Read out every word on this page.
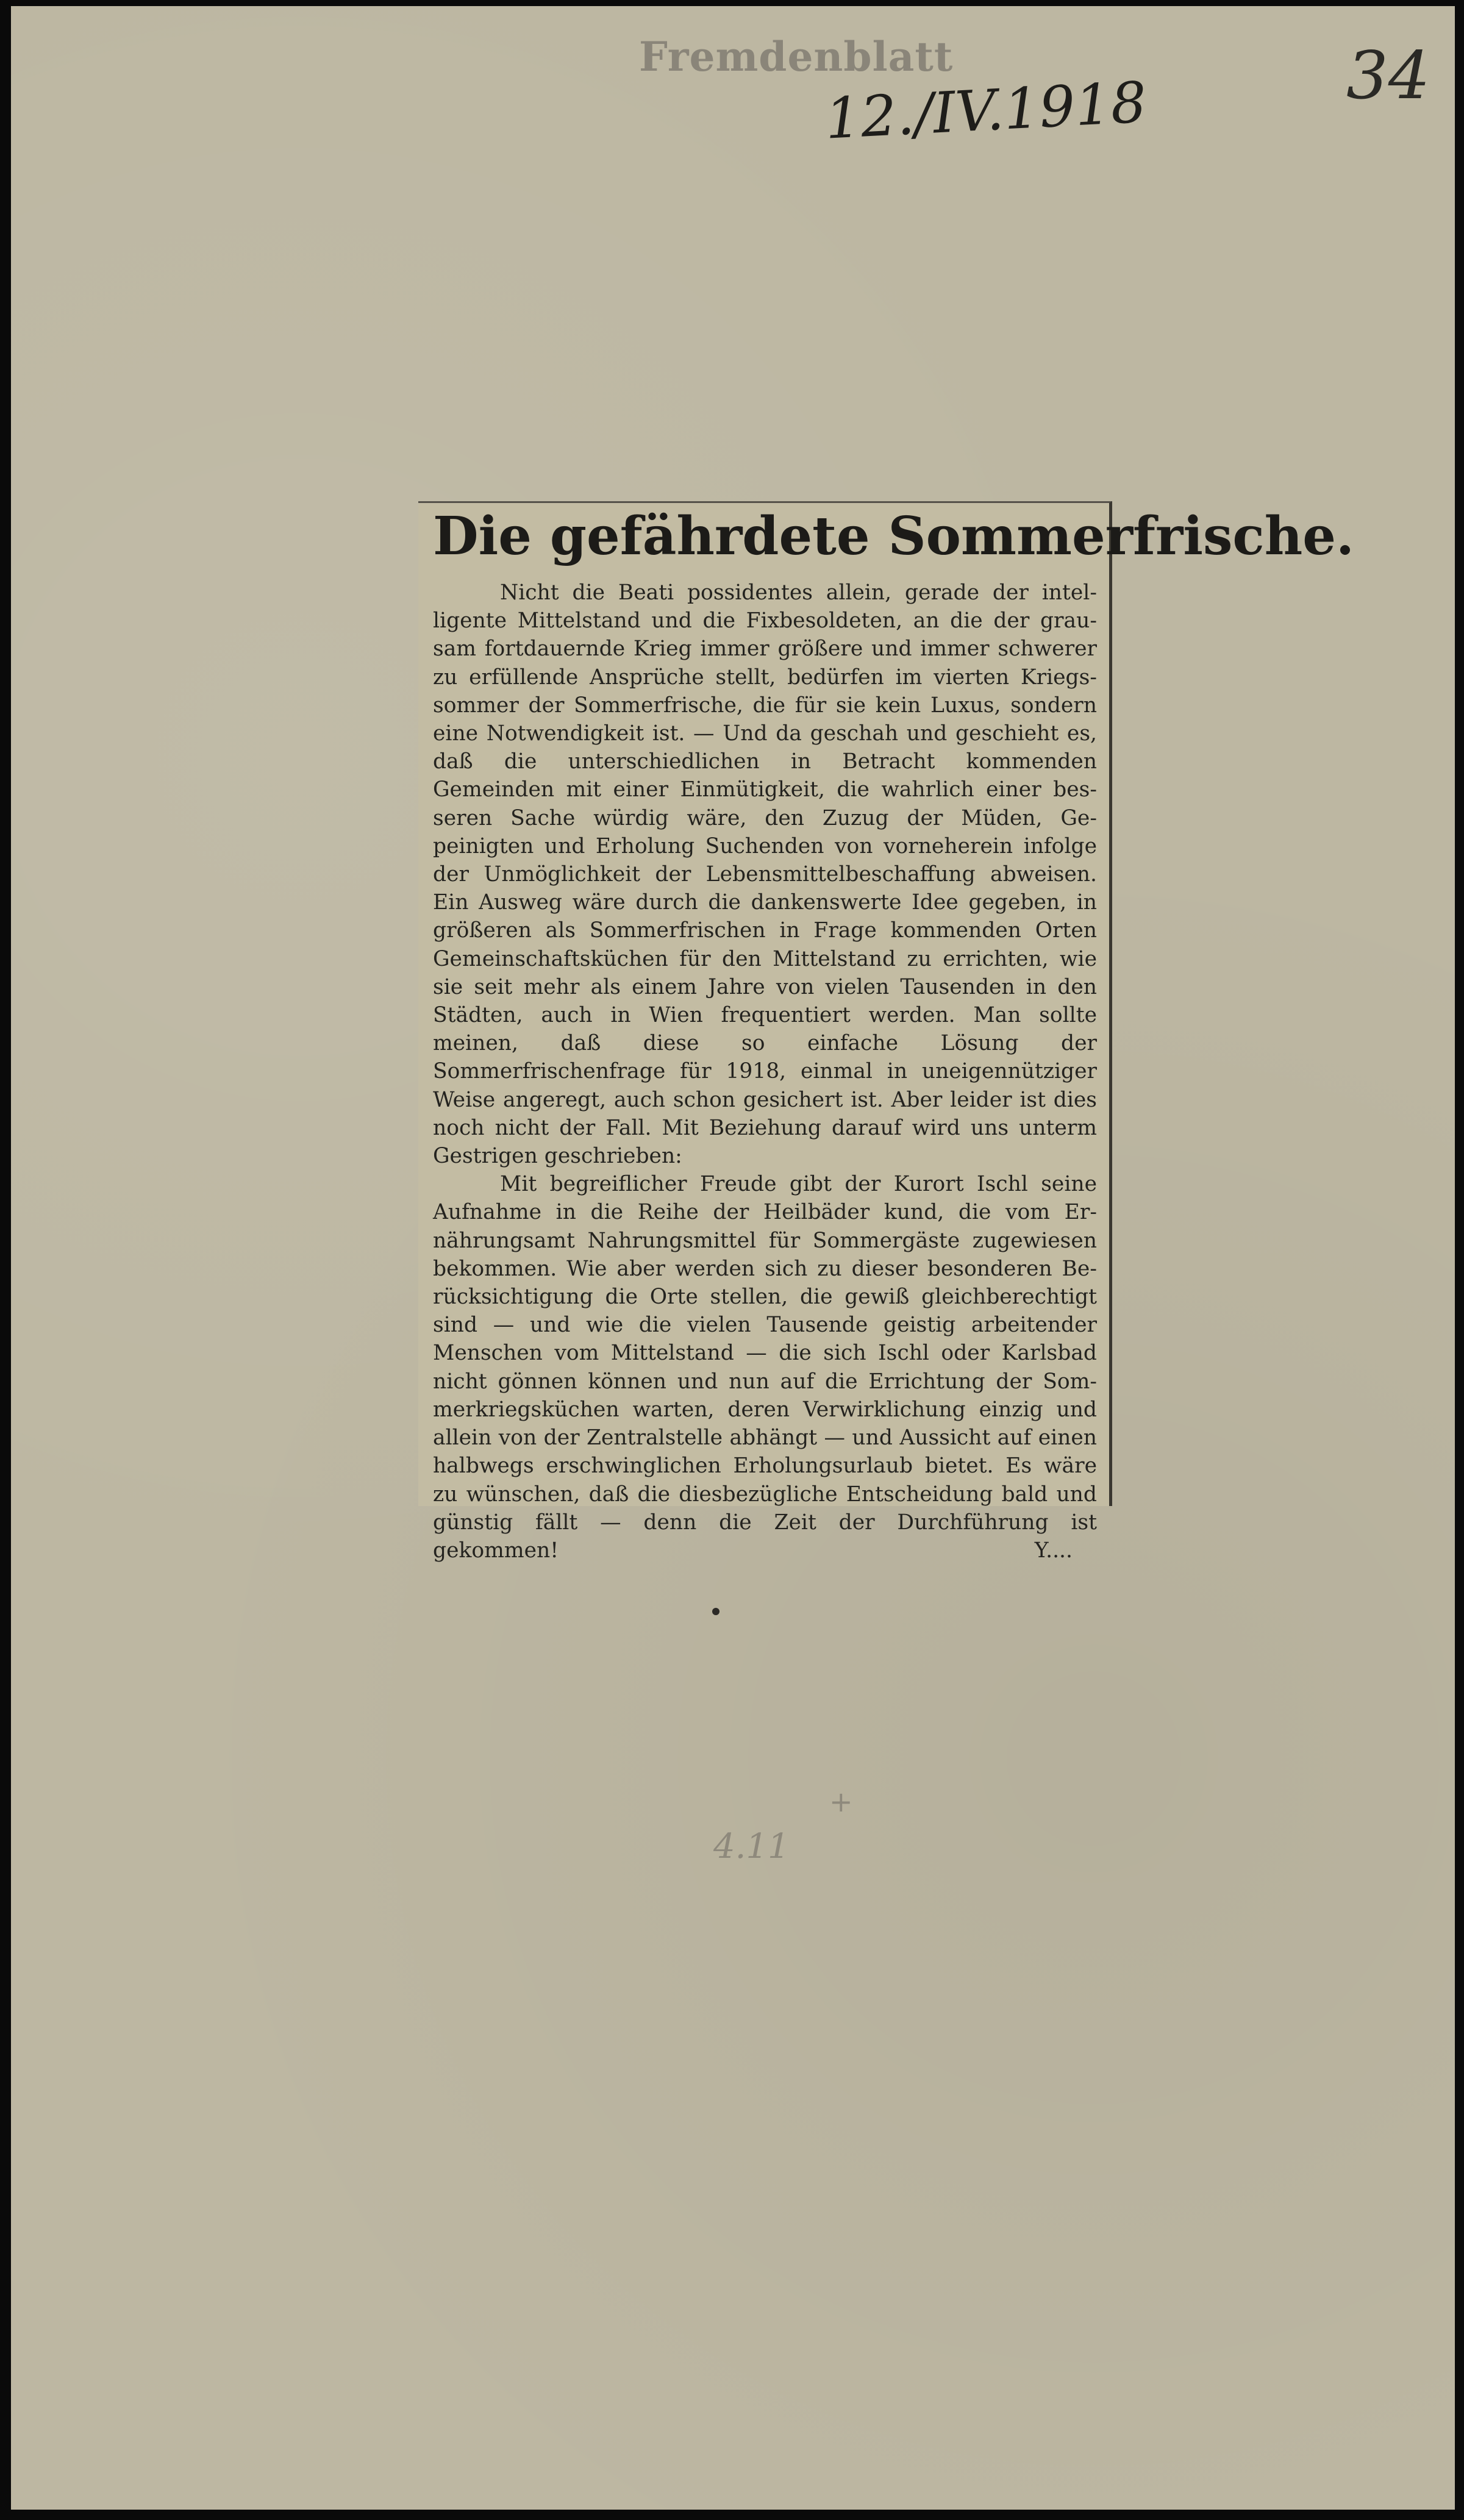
Fremdenblatt
12./IV.1918	34
Die gefährdete Sommerfrische.

Nicht die Beati possidentes allein, gerade der intelligente Mittelstand und die Fixbesoldeten, an die der grausam fortdauernde Krieg immer größere und immer schwerer zu erfüllende Ansprüche stellt, bedürfen im vierten Kriegssommer der Sommerfrische, die für sie kein Luxus, sondern eine Notwendigkeit ist. — Und da geschah und geschieht es, daß die unterschiedlichen in Betracht kommenden Gemeinden mit einer Einmütigkeit, die wahrlich einer besseren Sache würdig wäre, den Zuzug der Müden, Gepeinigten und Erholung Suchenden von vorneherein infolge der Unmöglichkeit der Lebensmittelbeschaffung abweisen. Ein Ausweg wäre durch die dankenswerte Idee gegeben, in größeren als Sommerfrischen in Frage kommenden Orten Gemeinschaftsküchen für den Mittelstand zu errichten, wie sie seit mehr als einem Jahre von vielen Tausenden in den Städten, auch in Wien frequentiert werden. Man sollte meinen, daß diese so einfache Lösung der Sommerfrischenfrage für 1918, einmal in uneigennütziger Weise angeregt, auch schon gesichert ist. Aber leider ist dies noch nicht der Fall. Mit Beziehung darauf wird uns unterm Gestrigen geschrieben:

Mit begreiflicher Freude gibt der Kurort Ischl seine Aufnahme in die Reihe der Heilbäder kund, die vom Ernährungsamt Nahrungsmittel für Sommergäste zugewiesen bekommen. Wie aber werden sich zu dieser besonderen Berücksichtigung die Orte stellen, die gewiß gleichberechtigt sind — und wie die vielen Tausende geistig arbeitender Menschen vom Mittelstand — die sich Ischl oder Karlsbad nicht gönnen können und nun auf die Errichtung der Sommerkriegsküchen warten, deren Verwirklichung einzig und allein von der Zentralstelle abhängt — und Aussicht auf einen halbwegs erschwinglichen Erholungsurlaub bietet. Es wäre zu wünschen, daß die diesbezügliche Entscheidung bald und günstig fällt — denn die Zeit der Durchführung ist gekommen!	Y....
+
4.11
